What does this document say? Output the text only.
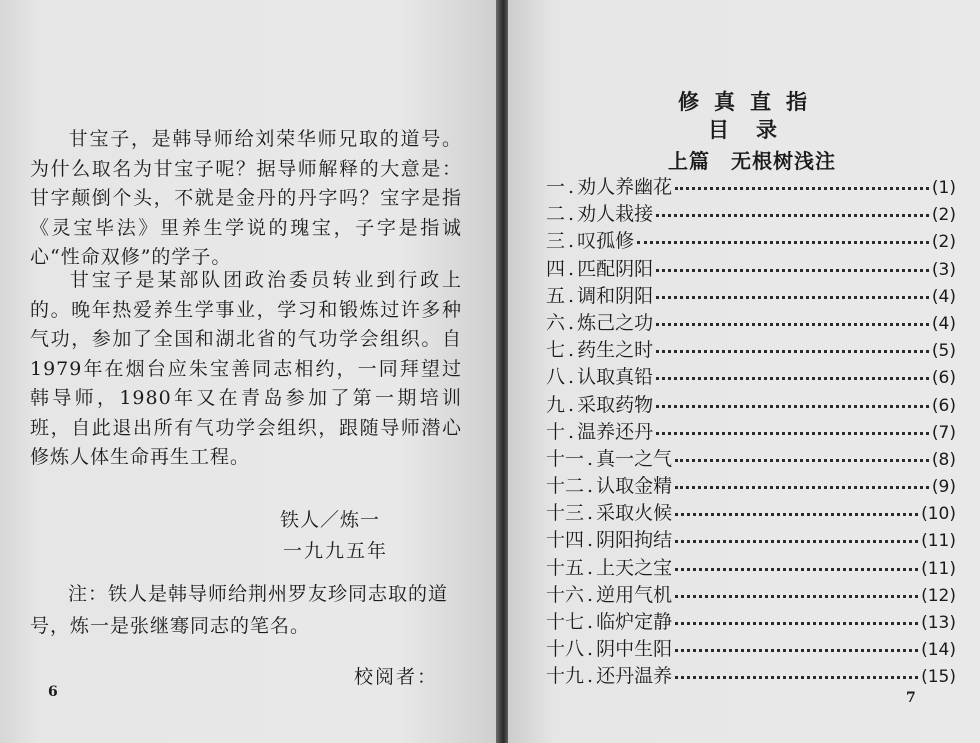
甘宝子，是韩导师给刘荣华师兄取的道号。为什么取名为甘宝子呢？据导师解释的大意是：甘字颠倒个头，不就是金丹的丹字吗？宝字是指《灵宝毕法》里养生学说的瑰宝，子字是指诚心“性命双修”的学子。
甘宝子是某部队团政治委员转业到行政上的。晚年热爱养生学事业，学习和锻炼过许多种气功，参加了全国和湖北省的气功学会组织。自1979年在烟台应朱宝善同志相约，一同拜望过韩导师，1980年又在青岛参加了第一期培训班，自此退出所有气功学会组织，跟随导师潜心修炼人体生命再生工程。
铁人／炼一
一九九五年
注：铁人是韩导师给荆州罗友珍同志取的道号，炼一是张继骞同志的笔名。
校阅者：
6
修真直指
目录
上篇　无根树浅注
一 . 劝人养幽花	(1)
二 . 劝人栽接	(2)
三 . 叹孤修	(2)
四 . 匹配阴阳	(3)
五 . 调和阴阳	(4)
六 . 炼己之功	(4)
七 . 药生之时	(5)
八 . 认取真铅	(6)
九 . 采取药物	(6)
十 . 温养还丹	(7)
十一 . 真一之气	(8)
十二 . 认取金精	(9)
十三 . 采取火候	(10)
十四 . 阴阳拘结	(11)
十五 . 上天之宝	(11)
十六 . 逆用气机	(12)
十七 . 临炉定静	(13)
十八 . 阴中生阳	(14)
十九 . 还丹温养	(15)
7
